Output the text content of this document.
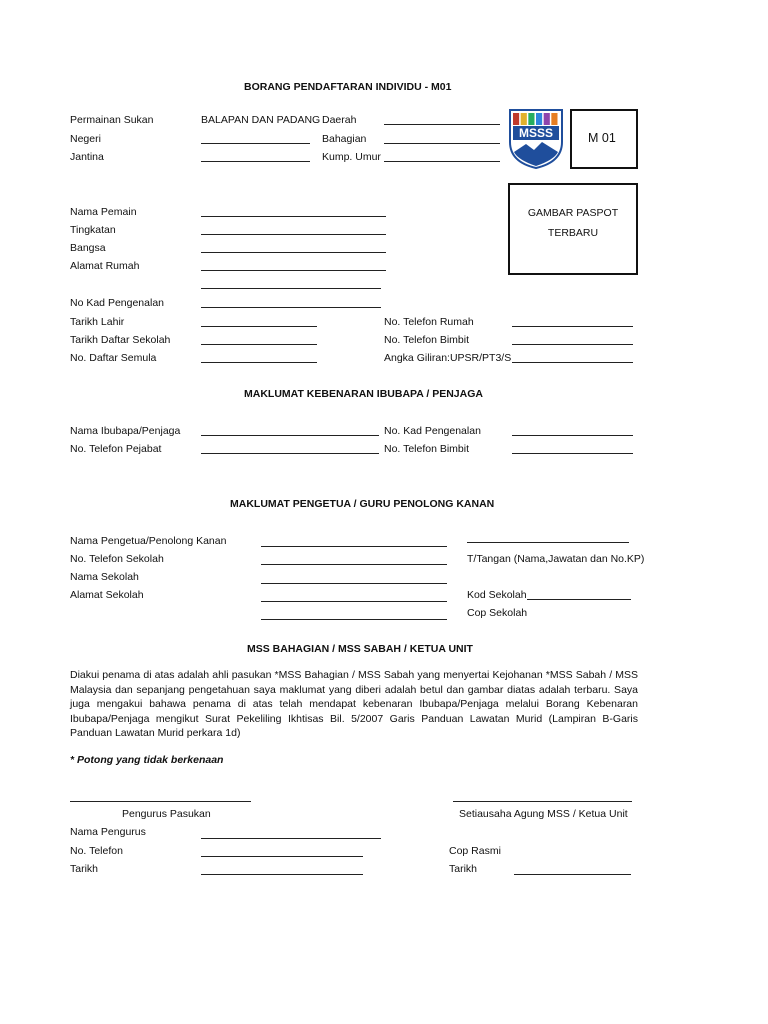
BORANG PENDAFTARAN INDIVIDU - M01
Permainan Sukan	BALAPAN DAN PADANG Daerah
Negeri	Bahagian
Jantina	Kump. Umur
MSSS	M 01
GAMBAR PASPOT
TERBARU
Nama Pemain
Tingkatan
Bangsa
Alamat Rumah
No Kad Pengenalan
Tarikh Lahir	No. Telefon Rumah
Tarikh Daftar Sekolah	No. Telefon Bimbit
No. Daftar Semula	Angka Giliran:UPSR/PT3/S
MAKLUMAT KEBENARAN IBUBAPA / PENJAGA
Nama Ibubapa/Penjaga	No. Kad Pengenalan
No. Telefon Pejabat	No. Telefon Bimbit
MAKLUMAT PENGETUA / GURU PENOLONG KANAN
Nama Pengetua/Penolong Kanan
No. Telefon Sekolah	T/Tangan (Nama,Jawatan dan No.KP)
Nama Sekolah
Alamat Sekolah	Kod Sekolah
Cop Sekolah
MSS BAHAGIAN / MSS SABAH / KETUA UNIT
Diakui penama di atas adalah ahli pasukan *MSS Bahagian / MSS Sabah yang menyertai Kejohanan *MSS Sabah / MSS Malaysia dan sepanjang pengetahuan saya maklumat yang diberi adalah betul dan gambar diatas adalah terbaru. Saya juga mengakui bahawa penama di atas telah mendapat kebenaran Ibubapa/Penjaga melalui Borang Kebenaran Ibubapa/Penjaga mengikut Surat Pekeliling Ikhtisas Bil. 5/2007 Garis Panduan Lawatan Murid (Lampiran B-Garis Panduan Lawatan Murid perkara 1d)
* Potong yang tidak berkenaan
Pengurus Pasukan	Setiausaha Agung MSS / Ketua Unit
Nama Pengurus
No. Telefon	Cop Rasmi
Tarikh	Tarikh
